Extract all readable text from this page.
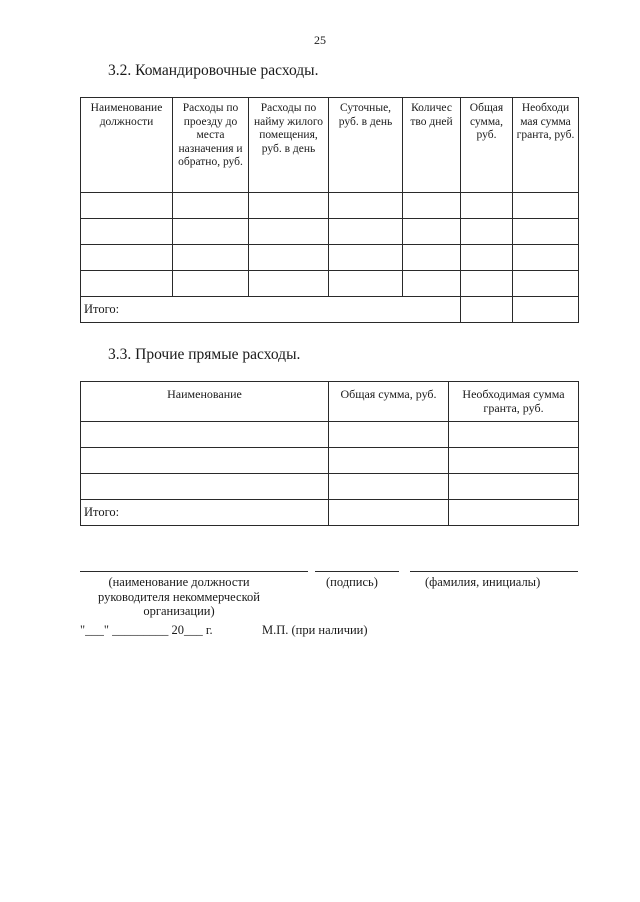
25
3.2. Командировочные расходы.
Наименование должности	Расходы по проезду до места назначения и обратно, руб.	Расходы по найму жилого помещения, руб. в день	Суточные, руб. в день	Количес тво дней	Общая сумма, руб.	Необходи мая сумма гранта, руб.

Итого:						
3.3. Прочие прямые расходы.
Наименование	Общая сумма, руб.	Необходимая сумма гранта, руб.

Итого:		
(наименование должности руководителя некоммерческой организации)
(подпись)	(фамилия, инициалы)
"___" _________ 20___ г.	М.П. (при наличии)
